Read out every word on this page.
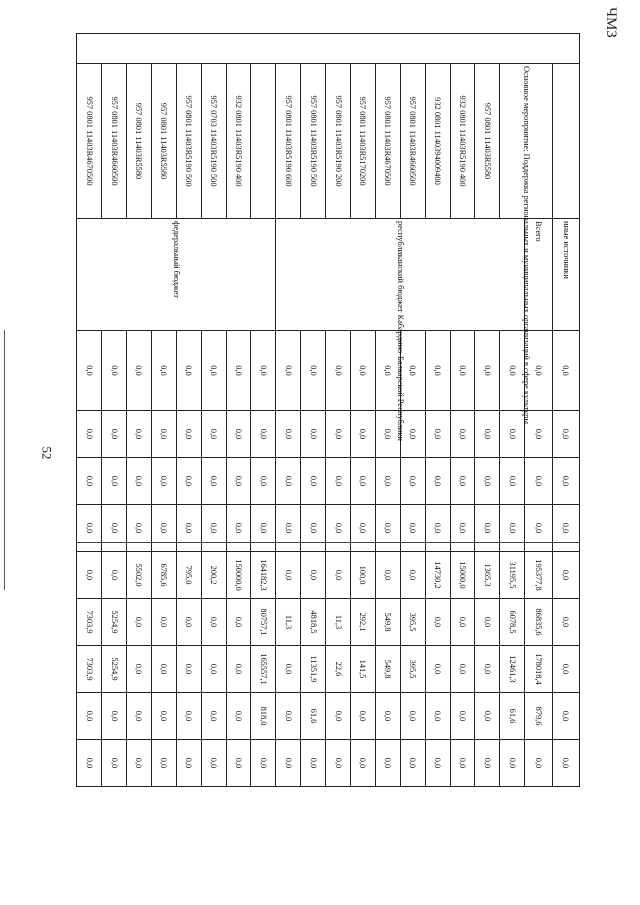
52
ЧМЗ
		иные источники	0,0	0,0	0,0	0,0	0,0	0,0	0,0	0,0	0,0
	Основное мероприятие: Поддержка региональных и муниципальных организаций в сфере культуры	Всего	0,0	0,0	0,0	0,0	195377,8	86835,6	178018,4	879,6	0,0
		республиканский бюджет Кабардино-Балкарской Республики	0,0	0,0	0,0	0,0	31195,5	6078,5	12461,3	61,6	0,0
	957 0801 11403R5580		0,0	0,0	0,0	0,0	1365,3	0,0	0,0	0,0	0,0
	932 0801 11403R5190 400		0,0	0,0	0,0	0,0	15000,0	0,0	0,0	0,0	0,0
	932 0801 1140394009400		0,0	0,0	0,0	0,0	14730,2	0,0	0,0	0,0	0,0
	957 0801 11403R4660500		0,0	0,0	0,0	0,0	0,0	395,5	395,5	0,0	0,0
	957 0801 11403R4670500		0,0	0,0	0,0	0,0	0,0	549,8	549,8	0,0	0,0
	957 0801 11403R5170200		0,0	0,0	0,0	0,0	100,0	292,1	141,5	0,0	0,0
	957 0801 11403R5190 200		0,0	0,0	0,0	0,0	0,0	11,3	22,6	0,0	0,0
	957 0801 11403R5190 500		0,0	0,0	0,0	0,0	0,0	4818,5	11351,9	61,6	0,0
	957 0801 11403R5190 600		0,0	0,0	0,0	0,0	0,0	11,3	0,0	0,0	0,0
		федеральный бюджет	0,0	0,0	0,0	0,0	164182,3	80757,1	165557,1	818,0	0,0
	932 0801 11403R5190 400		0,0	0,0	0,0	0,0	150000,0	0,0	0,0	0,0	0,0
	957 0703 11403R5190 500		0,0	0,0	0,0	0,0	200,2	0,0	0,0	0,0	0,0
	957 0801 11403R5190 500		0,0	0,0	0,0	0,0	795,0	0,0	0,0	0,0	0,0
	957 0801 11403R5580		0,0	0,0	0,0	0,0	6785,6	0,0	0,0	0,0	0,0
	957 0801 11403R5580		0,0	0,0	0,0	0,0	5502,0	0,0	0,0	0,0	0,0
	957 0801 11403R4660500		0,0	0,0	0,0	0,0	0,0	5254,9	5254,9	0,0	0,0
	957 0801 11403R4670500		0,0	0,0	0,0	0,0	0,0	7303,9	7303,9	0,0	0,0
